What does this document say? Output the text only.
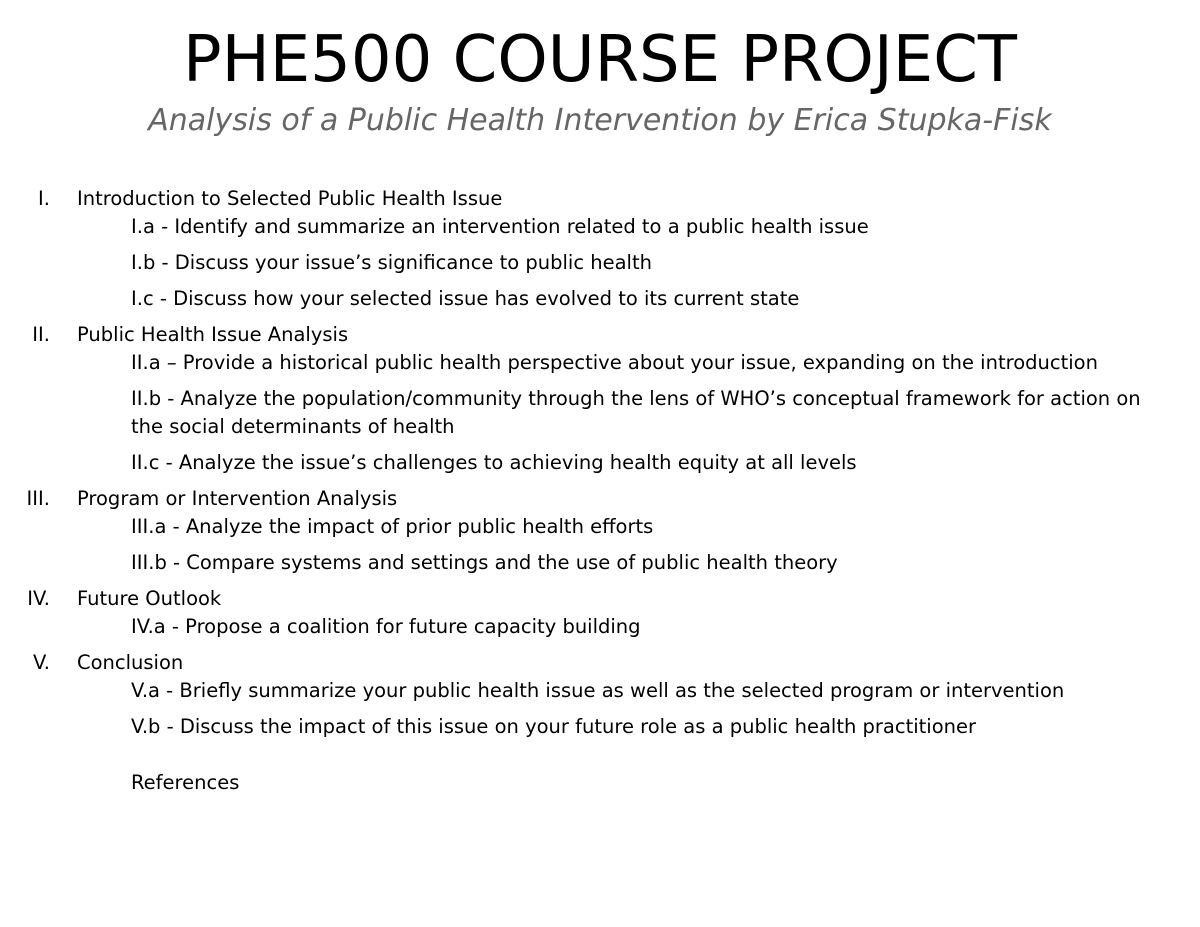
PHE500 COURSE PROJECT
Analysis of a Public Health Intervention by Erica Stupka-Fisk
I. Introduction to Selected Public Health Issue
I.a - Identify and summarize an intervention related to a public health issue
I.b - Discuss your issue’s significance to public health
I.c - Discuss how your selected issue has evolved to its current state
II. Public Health Issue Analysis
II.a – Provide a historical public health perspective about your issue, expanding on the introduction
II.b - Analyze the population/community through the lens of WHO’s conceptual framework for action on the social determinants of health
II.c - Analyze the issue’s challenges to achieving health equity at all levels
III. Program or Intervention Analysis
III.a - Analyze the impact of prior public health efforts
III.b - Compare systems and settings and the use of public health theory
IV. Future Outlook
IV.a - Propose a coalition for future capacity building
V. Conclusion
V.a - Briefly summarize your public health issue as well as the selected program or intervention
V.b - Discuss the impact of this issue on your future role as a public health practitioner
References
